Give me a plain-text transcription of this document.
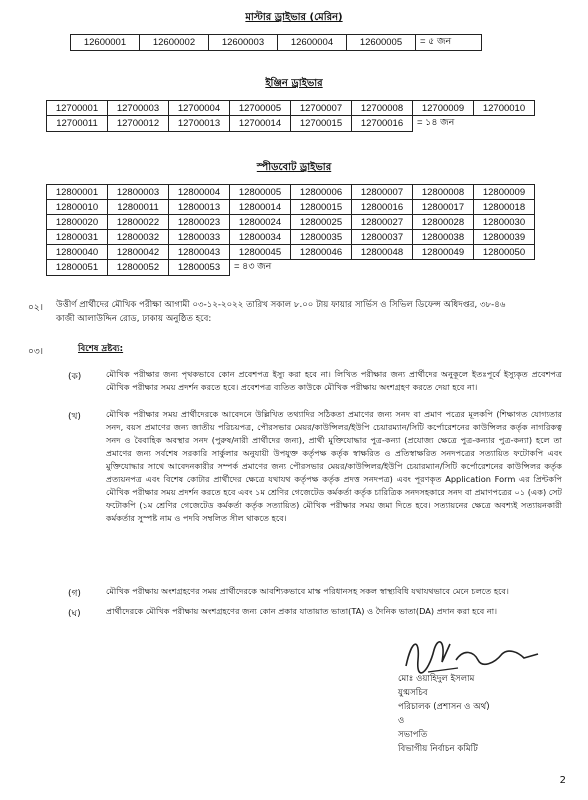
মাস্টার ড্রাইভার (মেরিন)
12600001	12600002	12600003	12600004	12600005	= ৫ জন
ইঞ্জিন ড্রাইভার
12700001	12700003	12700004	12700005	12700007	12700008	12700009	12700010
12700011	12700012	12700013	12700014	12700015	12700016	= ১৪ জন	
স্পীডবোট ড্রাইভার
12800001	12800003	12800004	12800005	12800006	12800007	12800008	12800009
12800010	12800011	12800013	12800014	12800015	12800016	12800017	12800018
12800020	12800022	12800023	12800024	12800025	12800027	12800028	12800030
12800031	12800032	12800033	12800034	12800035	12800037	12800038	12800039
12800040	12800042	12800043	12800045	12800046	12800048	12800049	12800050
12800051	12800052	12800053	= ৪৩ জন				
০২। উত্তীর্ণ প্রার্থীদের মৌখিক পরীক্ষা আগামী ০৩-১২-২০২২ তারিখ সকাল ৮.০০ টায় ফায়ার সার্ভিস ও সিভিল ডিফেন্স অধিদপ্তর, ৩৮-৪৬
কাজী আলাউদ্দিন রোড, ঢাকায় অনুষ্ঠিত হবে:
০৩।	বিশেষ দ্রষ্টব্য:
(ক)	মৌখিক পরীক্ষার জন্য পৃথকভাবে কোন প্রবেশপত্র ইস্যু করা হবে না। লিখিত পরীক্ষার জন্য প্রার্থীদের অনুকূলে ইতঃপূর্বে ইস্যুকৃত প্রবেশপত্র মৌখিক পরীক্ষার সময় প্রদর্শন করতে হবে। প্রবেশপত্র ব্যতিত কাউকে মৌখিক পরীক্ষায় অংশগ্রহণ করতে দেয়া হবে না।
(খ)	মৌখিক পরীক্ষার সময় প্রার্থীদেরকে আবেদনে উল্লিখিত তথ্যাদির সঠিকতা প্রমাণের জন্য সনদ বা প্রমাণ পত্রের মূলকপি (শিক্ষাগত যোগ্যতার সনদ, বয়স প্রমাণের জন্য জাতীয় পরিচয়পত্র, পৌরসভার মেয়র/কাউন্সিলর/ইউপি চেয়ারম্যান/সিটি কর্পোরেশনের কাউন্সিলর কর্তৃক নাগরিকত্ব সনদ ও বৈবাহিক অবস্থার সনদ (পুরুষ/নারী প্রার্থীদের জন্য), প্রার্থী মুক্তিযোদ্ধার পুত্র-কন্যা (প্রযোজ্য ক্ষেত্রে পুত্র-কন্যার পুত্র-কন্যা) হলে তা প্রমাণের জন্য সর্বশেষ সরকারি সার্কুলার অনুযায়ী উপযুক্ত কর্তৃপক্ষ কর্তৃক স্বাক্ষরিত ও প্রতিস্বাক্ষরিত সনদপত্রের সত্যায়িত ফটোকপি এবং মুক্তিযোদ্ধার সাথে আবেদনকারীর সম্পর্ক প্রমাণের জন্য পৌরসভার মেয়র/কাউন্সিলর/ইউপি চেয়ারম্যান/সিটি কর্পোরেশনের কাউন্সিলর কর্তৃক প্রত্যয়নপত্র এবং বিশেষ কোটার প্রার্থীদের ক্ষেত্রে যথাযথ কর্তৃপক্ষ কর্তৃক প্রদত্ত সনদপত্র) এবং পূরণকৃত Application Form এর প্রিন্টকপি মৌখিক পরীক্ষার সময় প্রদর্শন করতে হবে এবং ১ম শ্রেণির গেজেটেড কর্মকর্তা কর্তৃক চারিত্রিক সনদসহকারে সনদ বা প্রমাণপত্রের ০১ (এক) সেট ফটোকপি (১ম শ্রেণির গেজেটেড কর্মকর্তা কর্তৃক সত্যায়িত) মৌখিক পরীক্ষার সময় জমা দিতে হবে। সত্যায়নের ক্ষেত্রে অবশ্যই সত্যায়নকারী কর্মকর্তার সুস্পষ্ট নাম ও পদবি সম্বলিত সীল থাকতে হবে।
(গ)	মৌখিক পরীক্ষায় অংশগ্রহণের সময় প্রার্থীদেরকে আবশ্যিকভাবে মাস্ক পরিধানসহ সকল স্বাস্থ্যবিধি যথাযথভাবে মেনে চলতে হবে।
(ঘ)	প্রার্থীদেরকে মৌখিক পরীক্ষায় অংশগ্রহণের জন্য কোন প্রকার যাতায়াত ভাতা(TA) ও দৈনিক ভাতা(DA) প্রদান করা হবে না।
মোঃ ওয়াহিদুল ইসলাম
যুগ্মসচিব
পরিচালক (প্রশাসন ও অর্থ)
ও
সভাপতি
বিভাগীয় নির্বাচন কমিটি
2
